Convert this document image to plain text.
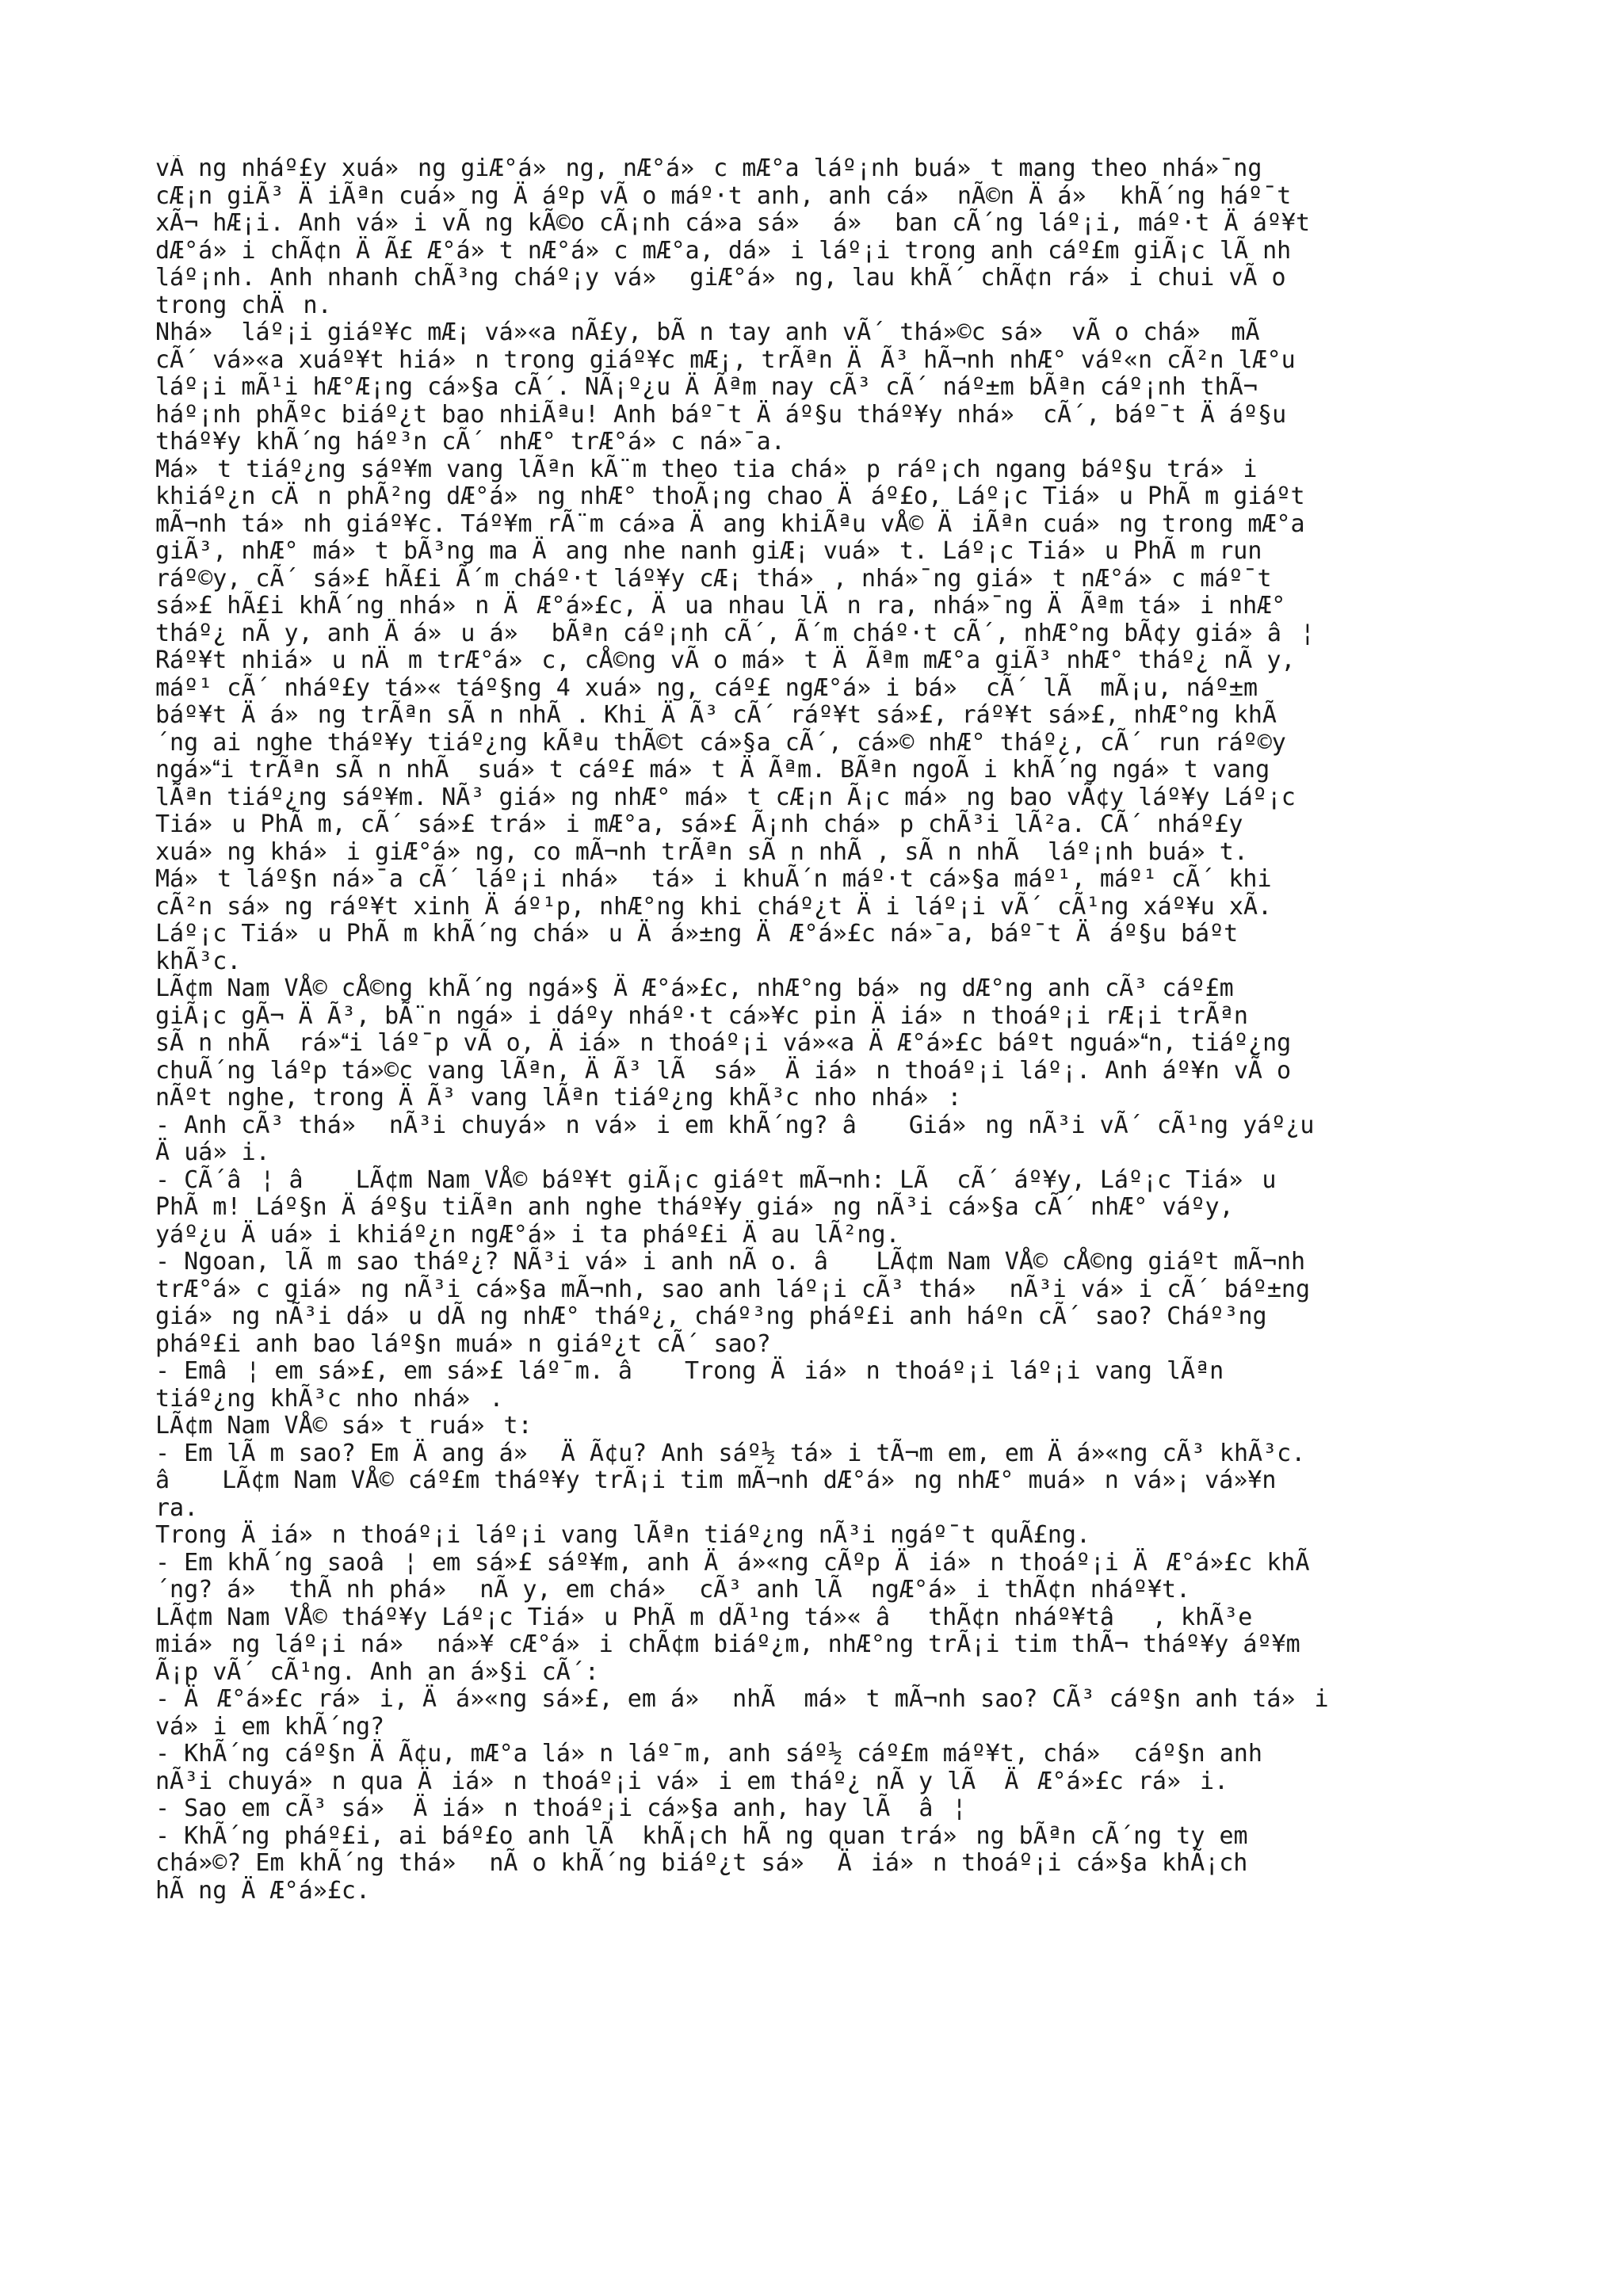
vÃ ng nháº£y xuá»ng giÆ°á»ng, nÆ°á»c mÆ°a láº¡nh buá»t mang theo nhá»¯ng
cÆ¡n giÃ³ ÄiÃªn cuá»ng Äáºp vÃ o máº·t anh, anh cá» nÃ©n Äá» khÃ´ng háº¯t
xÃ¬ hÆ¡i. Anh vá»i vÃ ng kÃ©o cÃ¡nh cá»a sá» á» ban cÃ´ng láº¡i, máº·t Äáº¥t
dÆ°á»i chÃ¢n ÄÃ£ Æ°á»t nÆ°á»c mÆ°a, dá»i láº¡i trong anh cáº£m giÃ¡c lÃ nh
láº¡nh. Anh nhanh chÃ³ng cháº¡y vá» giÆ°á»ng, lau khÃ´ chÃ¢n rá»i chui vÃ o
trong chÄn.
Nhá» láº¡i giáº¥c mÆ¡ vá»«a nÃ£y, bÃ n tay anh vÃ´ thá»©c sá» vÃ o chá» mÃ
cÃ´ vá»«a xuáº¥t hiá»n trong giáº¥c mÆ¡, trÃªn ÄÃ³ hÃ¬nh nhÆ° váº«n cÃ²n lÆ°u
láº¡i mÃ¹i hÆ°Æ¡ng cá»§a cÃ´. NÃ¡º¿u ÄÃªm nay cÃ³ cÃ´ náº±m bÃªn cáº¡nh thÃ¬
háº¡nh phÃºc biáº¿t bao nhiÃªu! Anh báº¯t Äáº§u tháº¥y nhá» cÃ´, báº¯t Äáº§u
tháº¥y khÃ´ng háº³n cÃ´ nhÆ° trÆ°á»c ná»¯a.
Má»t tiáº¿ng sáº¥m vang lÃªn kÃ¨m theo tia chá»p ráº¡ch ngang báº§u trá»i
khiáº¿n cÄn phÃ²ng dÆ°á»ng nhÆ° thoÃ¡ng chao Äáº£o, Láº¡c Tiá»u PhÃ m giáºt
mÃ¬nh tá»nh giáº¥c. Táº¥m rÃ¨m cá»a Äang khiÃªu vÅ© ÄiÃªn cuá»ng trong mÆ°a
giÃ³, nhÆ° má»t bÃ³ng ma Äang nhe nanh giÆ¡ vuá»t. Láº¡c Tiá»u PhÃ m run
ráº©y, cÃ´ sá»£ hÃ£i Ã´m cháº·t láº¥y cÆ¡ thá», nhá»¯ng giá»t nÆ°á»c máº¯t
sá»£ hÃ£i khÃ´ng nhá»n ÄÆ°á»£c, Äua nhau lÄn ra, nhá»¯ng ÄÃªm tá»i nhÆ°
tháº¿ nÃ y, anh Äá»u á» bÃªn cáº¡nh cÃ´, Ã´m cháº·t cÃ´, nhÆ°ng bÃ¢y giá»â¦
Ráº¥t nhiá»u nÄm trÆ°á»c, cÅ©ng vÃ o má»t ÄÃªm mÆ°a giÃ³ nhÆ° tháº¿ nÃ y,
máº¹ cÃ´ nháº£y tá»« táº§ng 4 xuá»ng, cáº£ ngÆ°á»i bá» cÃ´ lÃ  mÃ¡u, náº±m
báº¥t Äá»ng trÃªn sÃ n nhÃ . Khi ÄÃ³ cÃ´ ráº¥t sá»£, ráº¥t sá»£, nhÆ°ng khÃ
´ng ai nghe tháº¥y tiáº¿ng kÃªu thÃ©t cá»§a cÃ´, cá»© nhÆ° tháº¿, cÃ´ run ráº©y
ngá»i trÃªn sÃ n nhÃ  suá»t cáº£ má»t ÄÃªm. BÃªn ngoÃ i khÃ´ng ngá»t vang
lÃªn tiáº¿ng sáº¥m. NÃ³ giá»ng nhÆ° má»t cÆ¡n Ã¡c má»ng bao vÃ¢y láº¥y Láº¡c
Tiá»u PhÃ m, cÃ´ sá»£ trá»i mÆ°a, sá»£ Ã¡nh chá»p chÃ³i lÃ²a. CÃ´ nháº£y
xuá»ng khá»i giÆ°á»ng, co mÃ¬nh trÃªn sÃ n nhÃ , sÃ n nhÃ  láº¡nh buá»t.
Má»t láº§n ná»¯a cÃ´ láº¡i nhá» tá»i khuÃ´n máº·t cá»§a máº¹, máº¹ cÃ´ khi
cÃ²n sá»ng ráº¥t xinh Äáº¹p, nhÆ°ng khi cháº¿t Äi láº¡i vÃ´ cÃ¹ng xáº¥u xÃ.
Láº¡c Tiá»u PhÃ m khÃ´ng chá»u Äá»±ng ÄÆ°á»£c ná»¯a, báº¯t Äáº§u báºt
khÃ³c.
LÃ¢m Nam VÅ© cÅ©ng khÃ´ng ngá»§ ÄÆ°á»£c, nhÆ°ng bá»ng dÆ°ng anh cÃ³ cáº£m
giÃ¡c gÃ¬ ÄÃ³, bÃ¨n ngá»i dáºy nháº·t cá»¥c pin Äiá»n thoáº¡i rÆ¡i trÃªn
sÃ n nhÃ  rá»i láº¯p vÃ o, Äiá»n thoáº¡i vá»«a ÄÆ°á»£c báºt nguá»n, tiáº¿ng
chuÃ´ng láºp tá»©c vang lÃªn, ÄÃ³ lÃ  sá» Äiá»n thoáº¡i láº¡. Anh áº¥n vÃ o
nÃºt nghe, trong ÄÃ³ vang lÃªn tiáº¿ng khÃ³c nho nhá»:
- Anh cÃ³ thá» nÃ³i chuyá»n vá»i em khÃ´ng? â Giá»ng nÃ³i vÃ´ cÃ¹ng yáº¿u
Äuá»i.
- CÃ´â¦ â LÃ¢m Nam VÅ© báº¥t giÃ¡c giáºt mÃ¬nh: LÃ  cÃ´ áº¥y, Láº¡c Tiá»u
PhÃ m! Láº§n Äáº§u tiÃªn anh nghe tháº¥y giá»ng nÃ³i cá»§a cÃ´ nhÆ° váºy,
yáº¿u Äuá»i khiáº¿n ngÆ°á»i ta pháº£i Äau lÃ²ng.
- Ngoan, lÃ m sao tháº¿? NÃ³i vá»i anh nÃ o. â LÃ¢m Nam VÅ© cÅ©ng giáºt mÃ¬nh
trÆ°á»c giá»ng nÃ³i cá»§a mÃ¬nh, sao anh láº¡i cÃ³ thá» nÃ³i vá»i cÃ´ báº±ng
giá»ng nÃ³i dá»u dÃ ng nhÆ° tháº¿, cháº³ng pháº£i anh háºn cÃ´ sao? Cháº³ng
pháº£i anh bao láº§n muá»n giáº¿t cÃ´ sao?
- Emâ¦ em sá»£, em sá»£ láº¯m. â Trong Äiá»n thoáº¡i láº¡i vang lÃªn
tiáº¿ng khÃ³c nho nhá».
LÃ¢m Nam VÅ© sá»t ruá»t:
- Em lÃ m sao? Em Äang á» ÄÃ¢u? Anh sáº½ tá»i tÃ¬m em, em Äá»«ng cÃ³ khÃ³c.
â LÃ¢m Nam VÅ© cáº£m tháº¥y trÃ¡i tim mÃ¬nh dÆ°á»ng nhÆ° muá»n vá»¡ vá»¥n
ra.
Trong Äiá»n thoáº¡i láº¡i vang lÃªn tiáº¿ng nÃ³i ngáº¯t quÃ£ng.
- Em khÃ´ng saoâ¦ em sá»£ sáº¥m, anh Äá»«ng cÃºp Äiá»n thoáº¡i ÄÆ°á»£c khÃ
´ng? á» thÃ nh phá» nÃ y, em chá» cÃ³ anh lÃ  ngÆ°á»i thÃ¢n nháº¥t.
LÃ¢m Nam VÅ© tháº¥y Láº¡c Tiá»u PhÃ m dÃ¹ng tá»« âthÃ¢n nháº¥tâ, khÃ³e
miá»ng láº¡i ná» ná»¥ cÆ°á»i chÃ¢m biáº¿m, nhÆ°ng trÃ¡i tim thÃ¬ tháº¥y áº¥m
Ã¡p vÃ´ cÃ¹ng. Anh an á»§i cÃ´:
- ÄÆ°á»£c rá»i, Äá»«ng sá»£, em á» nhÃ  má»t mÃ¬nh sao? CÃ³ cáº§n anh tá»i
vá»i em khÃ´ng?
- KhÃ´ng cáº§n ÄÃ¢u, mÆ°a lá»n láº¯m, anh sáº½ cáº£m máº¥t, chá» cáº§n anh
nÃ³i chuyá»n qua Äiá»n thoáº¡i vá»i em tháº¿ nÃ y lÃ  ÄÆ°á»£c rá»i.
- Sao em cÃ³ sá» Äiá»n thoáº¡i cá»§a anh, hay lÃ  â¦
- KhÃ´ng pháº£i, ai báº£o anh lÃ  khÃ¡ch hÃ ng quan trá»ng bÃªn cÃ´ng ty em
chá»©? Em khÃ´ng thá» nÃ o khÃ´ng biáº¿t sá» Äiá»n thoáº¡i cá»§a khÃ¡ch
hÃ ng ÄÆ°á»£c.
